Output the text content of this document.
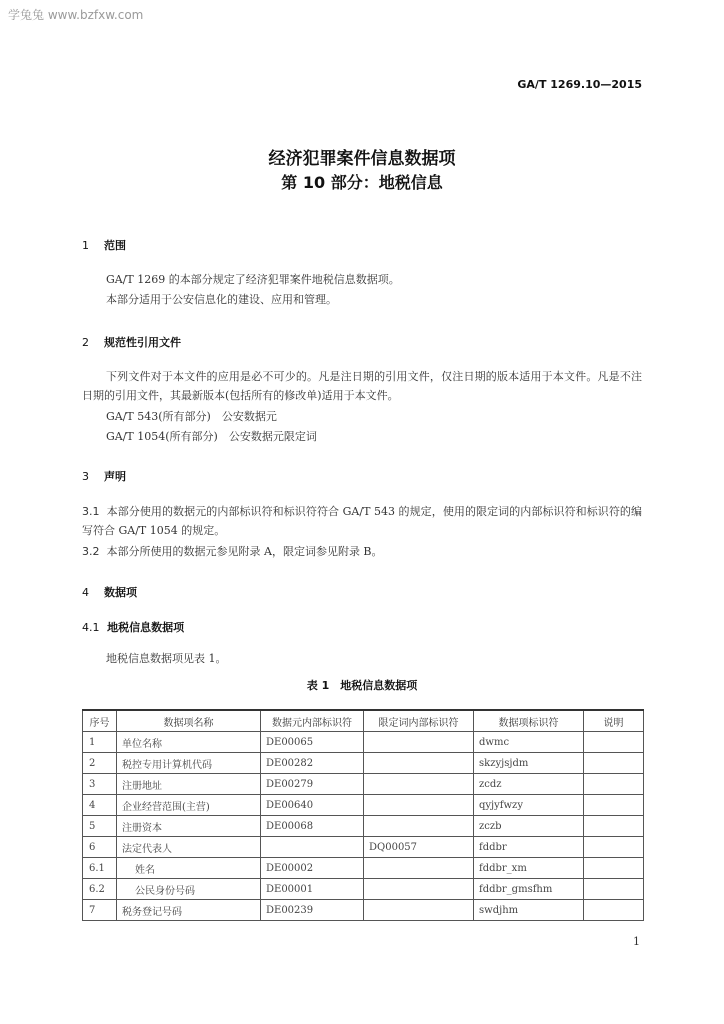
学兔兔 www.bzfxw.com
GA/T 1269.10—2015
经济犯罪案件信息数据项
第 10 部分：地税信息
1 范围
GA/T 1269 的本部分规定了经济犯罪案件地税信息数据项。
本部分适用于公安信息化的建设、应用和管理。
2 规范性引用文件
下列文件对于本文件的应用是必不可少的。凡是注日期的引用文件，仅注日期的版本适用于本文件。凡是不注日期的引用文件，其最新版本(包括所有的修改单)适用于本文件。
GA/T 543(所有部分)　公安数据元
GA/T 1054(所有部分)　公安数据元限定词
3 声明
3.1 本部分使用的数据元的内部标识符和标识符符合 GA/T 543 的规定，使用的限定词的内部标识符和标识符的编写符合 GA/T 1054 的规定。
3.2 本部分所使用的数据元参见附录 A，限定词参见附录 B。
4 数据项
4.1 地税信息数据项
地税信息数据项见表 1。
表 1　地税信息数据项
序号	数据项名称	数据元内部标识符	限定词内部标识符	数据项标识符	说明
1	单位名称	DE00065		dwmc	
2	税控专用计算机代码	DE00282		skzyjsjdm	
3	注册地址	DE00279		zcdz	
4	企业经营范围(主营)	DE00640		qyjyfwzy	
5	注册资本	DE00068		zczb	
6	法定代表人		DQ00057	fddbr	
6.1	姓名	DE00002		fddbr_xm	
6.2	公民身份号码	DE00001		fddbr_gmsfhm	
7	税务登记号码	DE00239		swdjhm	
1
